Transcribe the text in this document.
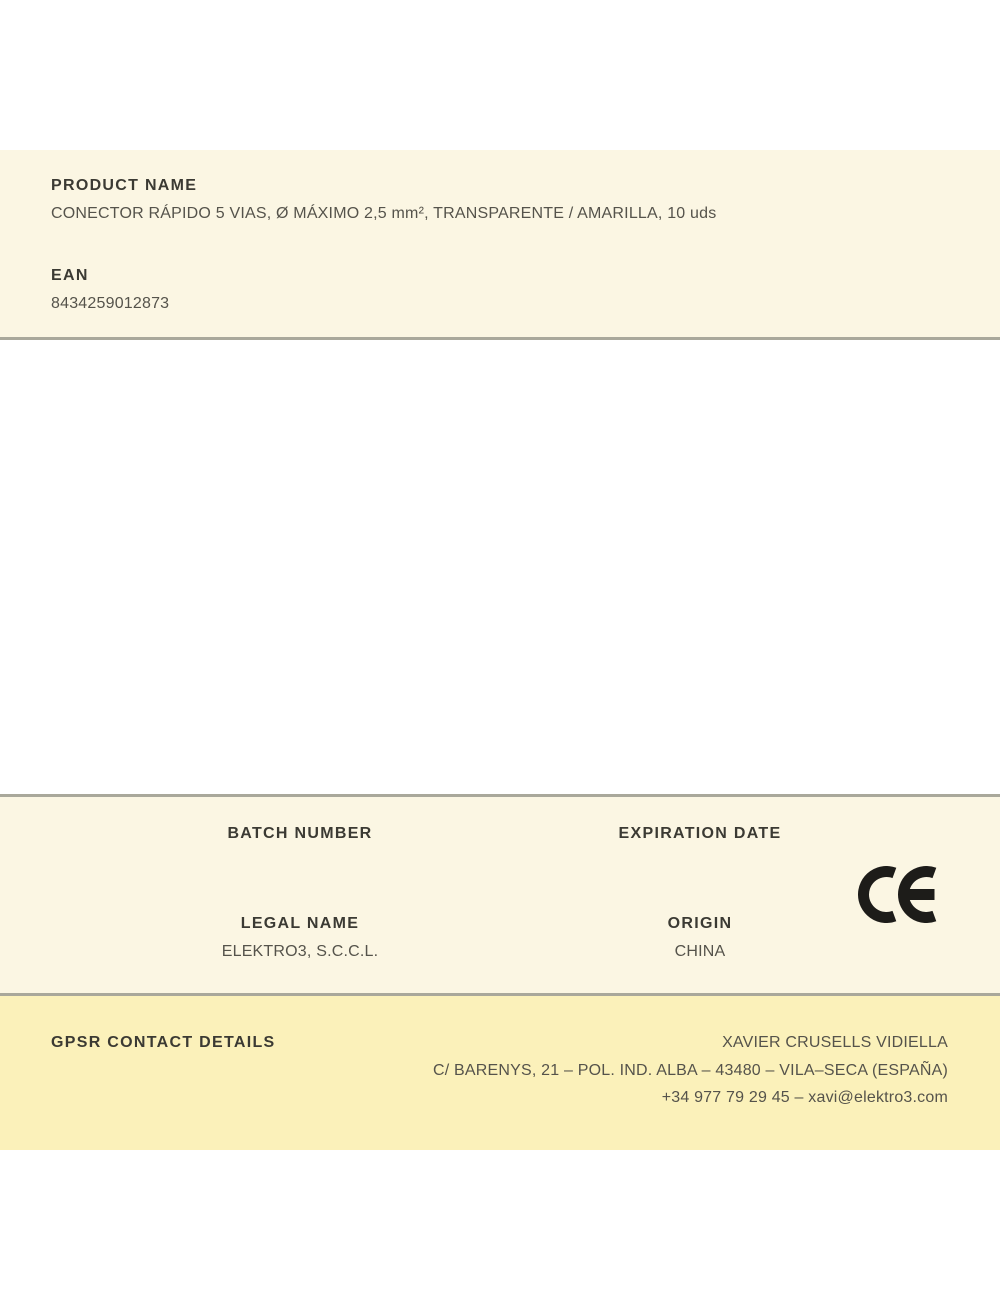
PRODUCT NAME
CONECTOR RÁPIDO 5 VIAS, Ø MÁXIMO 2,5 mm², TRANSPARENTE / AMARILLA, 10 uds
EAN
8434259012873
BATCH NUMBER	EXPIRATION DATE
LEGAL NAME
ELEKTRO3, S.C.C.L.
ORIGIN
CHINA
GPSR CONTACT DETAILS	XAVIER CRUSELLS VIDIELLA
C/ BARENYS, 21 – POL. IND. ALBA – 43480 – VILA–SECA (ESPAÑA)
+34 977 79 29 45 – xavi@elektro3.com
